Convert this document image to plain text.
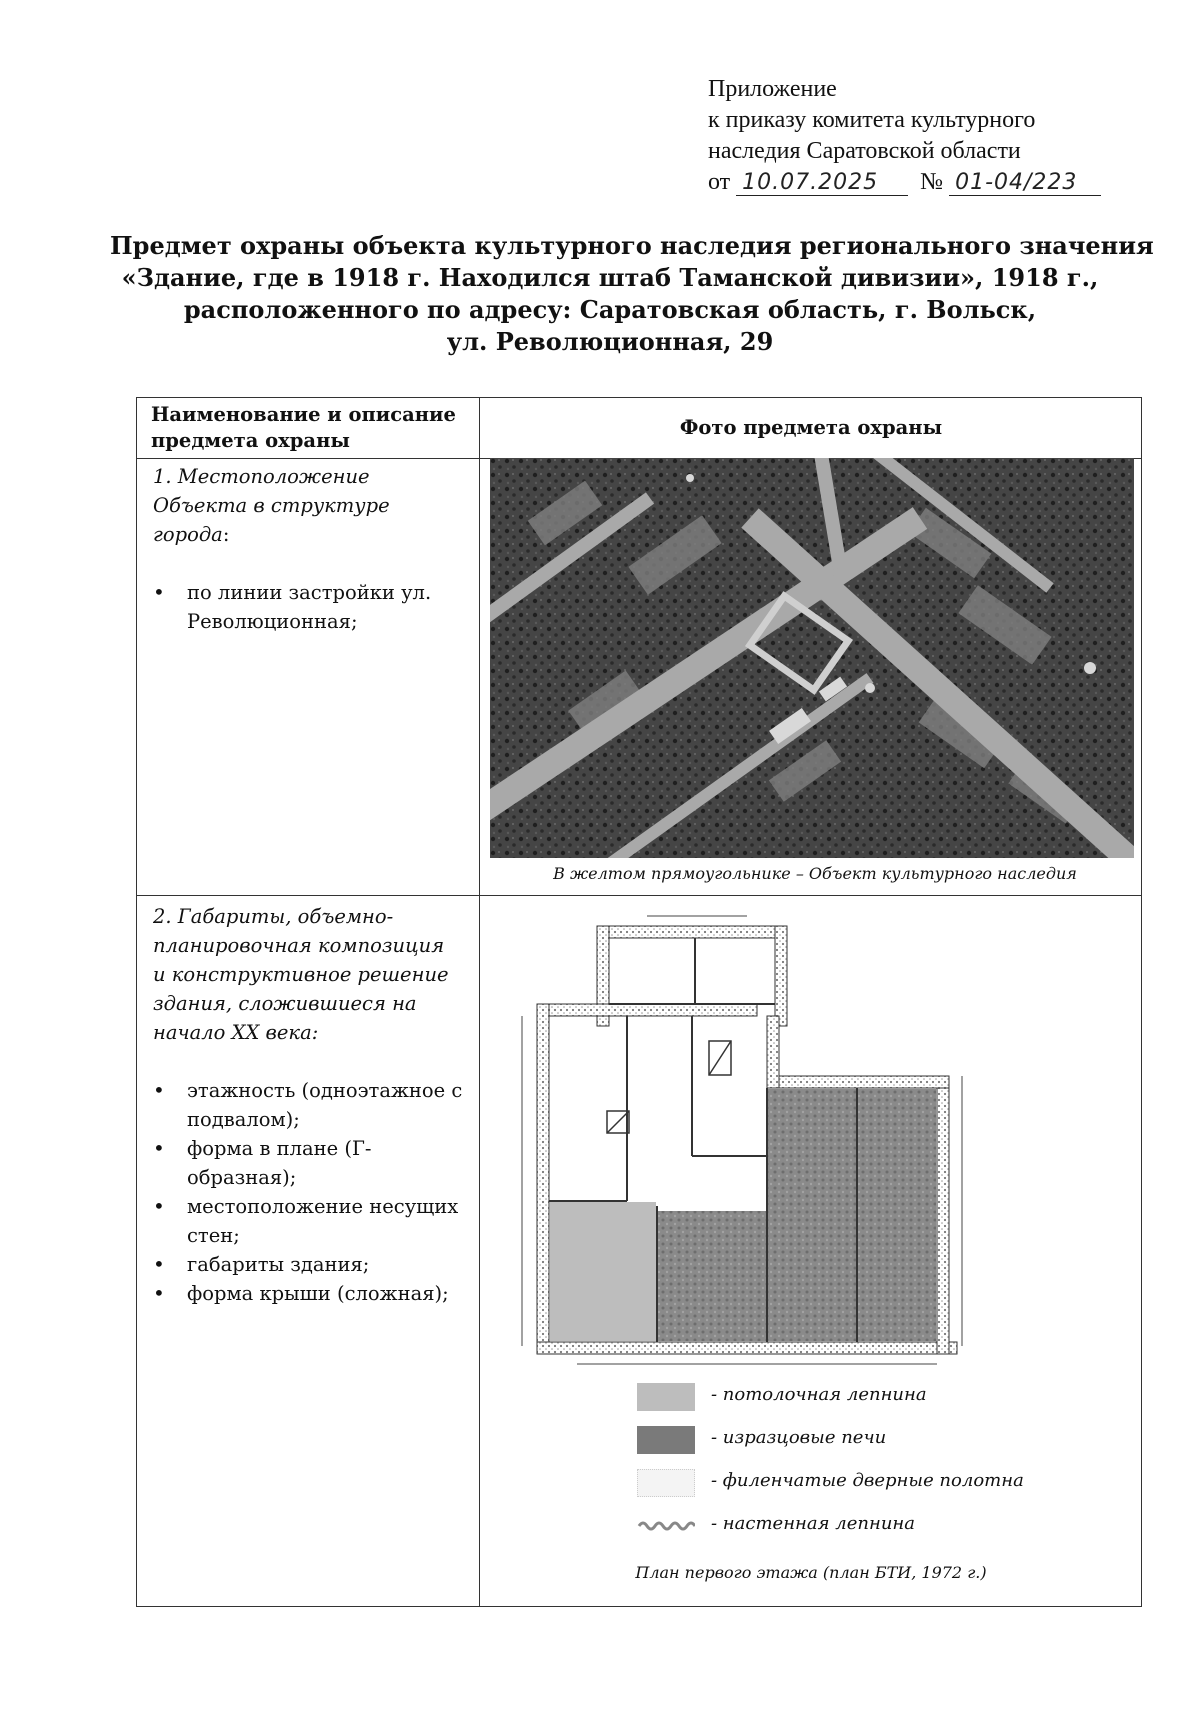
Приложение
к приказу комитета культурного
наследия Саратовской области
от 10.07.2025 № 01-04/223
Предмет охраны объекта культурного наследия регионального значения
«Здание, где в 1918 г. Находился штаб Таманской дивизии», 1918 г.,
расположенного по адресу: Саратовская область, г. Вольск,
ул. Революционная, 29
Наименование и описание предмета охраны
Фото предмета охраны
1. Местоположение
Объекта в структуре
города:
• по линии застройки ул. Революционная;
В желтом прямоугольнике – Объект культурного наследия
2. Габариты, объемно-
планировочная композиция
и конструктивное решение
здания, сложившиеся на
начало XX века:
• этажность (одноэтажное с подвалом);
• форма в плане (Г-образная);
• местоположение несущих стен;
• габариты здания;
• форма крыши (сложная);
- потолочная лепнина
- изразцовые печи
- филенчатые дверные полотна
- настенная лепнина
План первого этажа (план БТИ, 1972 г.)
